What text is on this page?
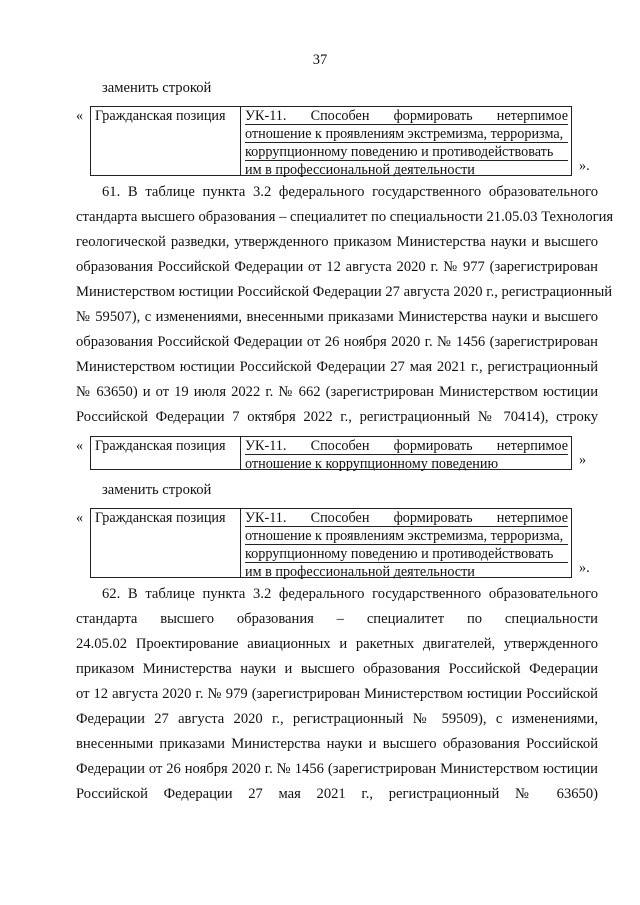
37
заменить строкой
« Гражданская позиция	УК-11. Способен формировать нетерпимое
отношение к проявлениям экстремизма, терроризма,
коррупционному поведению и противодействовать
им в профессиональной деятельности	».
61. В таблице пункта 3.2 федерального государственного образовательного
стандарта высшего образования – специалитет по специальности 21.05.03 Технология
геологической разведки, утвержденного приказом Министерства науки и высшего
образования Российской Федерации от 12 августа 2020 г. № 977 (зарегистрирован
Министерством юстиции Российской Федерации 27 августа 2020 г., регистрационный
№ 59507), с изменениями, внесенными приказами Министерства науки и высшего
образования Российской Федерации от 26 ноября 2020 г. № 1456 (зарегистрирован
Министерством юстиции Российской Федерации 27 мая 2021 г., регистрационный
№ 63650) и от 19 июля 2022 г. № 662 (зарегистрирован Министерством юстиции
Российской Федерации 7 октября 2022 г., регистрационный № 70414), строку
« Гражданская позиция	УК-11. Способен формировать нетерпимое
отношение к коррупционному поведению	»
заменить строкой
« Гражданская позиция	УК-11. Способен формировать нетерпимое
отношение к проявлениям экстремизма, терроризма,
коррупционному поведению и противодействовать
им в профессиональной деятельности	».
62. В таблице пункта 3.2 федерального государственного образовательного
стандарта высшего образования – специалитет по специальности
24.05.02 Проектирование авиационных и ракетных двигателей, утвержденного
приказом Министерства науки и высшего образования Российской Федерации
от 12 августа 2020 г. № 979 (зарегистрирован Министерством юстиции Российской
Федерации 27 августа 2020 г., регистрационный № 59509), с изменениями,
внесенными приказами Министерства науки и высшего образования Российской
Федерации от 26 ноября 2020 г. № 1456 (зарегистрирован Министерством юстиции
Российской Федерации 27 мая 2021 г., регистрационный № 63650)
